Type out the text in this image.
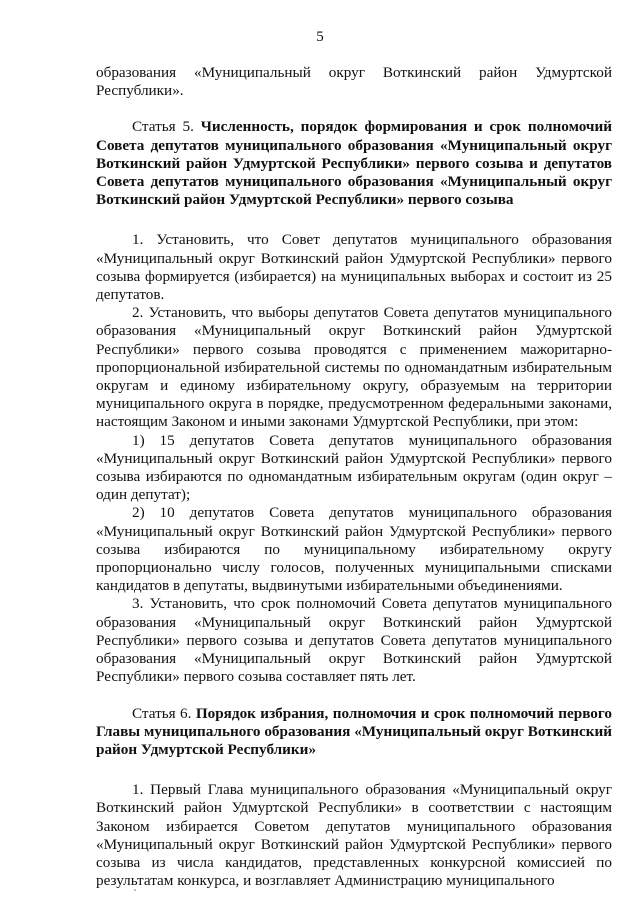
5

образования «Муниципальный округ Воткинский район Удмуртской Республики».

Статья 5. Численность, порядок формирования и срок полномочий Совета депутатов муниципального образования «Муниципальный округ Воткинский район Удмуртской Республики» первого созыва и депутатов Совета депутатов муниципального образования «Муниципальный округ Воткинский район Удмуртской Республики» первого созыва

1. Установить, что Совет депутатов муниципального образования «Муниципальный округ Воткинский район Удмуртской Республики» первого созыва формируется (избирается) на муниципальных выборах и состоит из 25 депутатов.

2. Установить, что выборы депутатов Совета депутатов муниципального образования «Муниципальный округ Воткинский район Удмуртской Республики» первого созыва проводятся с применением мажоритарно-пропорциональной избирательной системы по одномандатным избирательным округам и единому избирательному округу, образуемым на территории муниципального округа в порядке, предусмотренном федеральными законами, настоящим Законом и иными законами Удмуртской Республики, при этом:

1) 15 депутатов Совета депутатов муниципального образования «Муниципальный округ Воткинский район Удмуртской Республики» первого созыва избираются по одномандатным избирательным округам (один округ – один депутат);

2) 10 депутатов Совета депутатов муниципального образования «Муниципальный округ Воткинский район Удмуртской Республики» первого созыва избираются по муниципальному избирательному округу пропорционально числу голосов, полученных муниципальными списками кандидатов в депутаты, выдвинутыми избирательными объединениями.

3. Установить, что срок полномочий Совета депутатов муниципального образования «Муниципальный округ Воткинский район Удмуртской Республики» первого созыва и депутатов Совета депутатов муниципального образования «Муниципальный округ Воткинский район Удмуртской Республики» первого созыва составляет пять лет.

Статья 6. Порядок избрания, полномочия и срок полномочий первого Главы муниципального образования «Муниципальный округ Воткинский район Удмуртской Республики»

1. Первый Глава муниципального образования «Муниципальный округ Воткинский район Удмуртской Республики» в соответствии с настоящим Законом избирается Советом депутатов муниципального образования «Муниципальный округ Воткинский район Удмуртской Республики» первого созыва из числа кандидатов, представленных конкурсной комиссией по результатам конкурса, и возглавляет Администрацию муниципального
